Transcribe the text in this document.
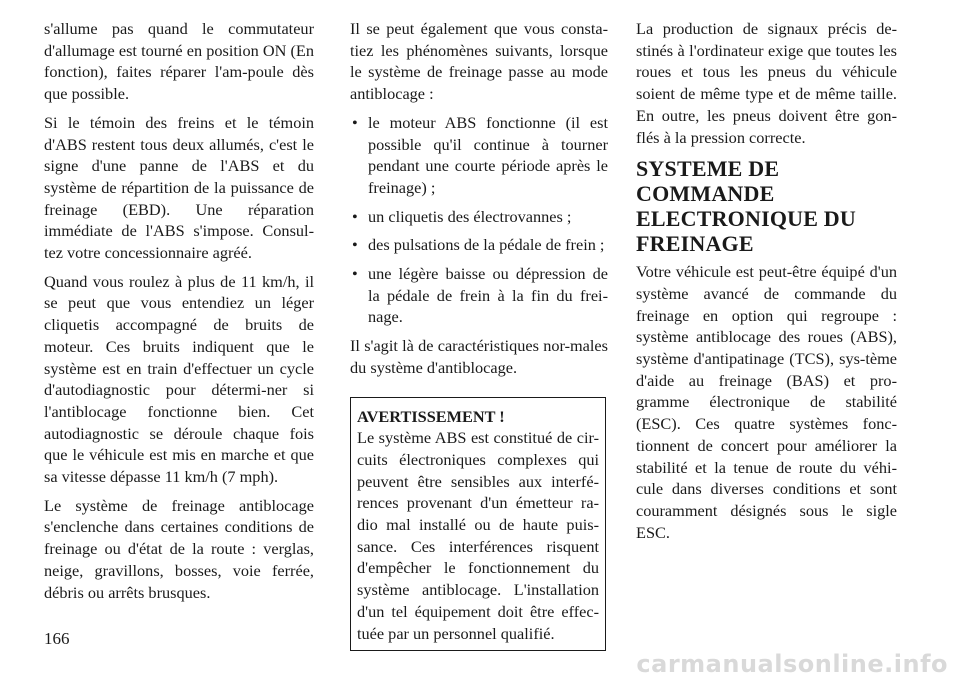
s'allume pas quand le commutateur d'allumage est tourné en position ON (En fonction), faites réparer l'am-poule dès que possible.

Si le témoin des freins et le témoin d'ABS restent tous deux allumés, c'est le signe d'une panne de l'ABS et du système de répartition de la puissance de freinage (EBD). Une réparation immédiate de l'ABS s'impose. Consul-tez votre concessionnaire agréé.

Quand vous roulez à plus de 11 km/h, il se peut que vous entendiez un léger cliquetis accompagné de bruits de moteur. Ces bruits indiquent que le système est en train d'effectuer un cycle d'autodiagnostic pour détermi-ner si l'antiblocage fonctionne bien. Cet autodiagnostic se déroule chaque fois que le véhicule est mis en marche et que sa vitesse dépasse 11 km/h (7 mph).

Le système de freinage antiblocage s'enclenche dans certaines conditions de freinage ou d'état de la route : verglas, neige, gravillons, bosses, voie ferrée, débris ou arrêts brusques.

Il se peut également que vous consta-tiez les phénomènes suivants, lorsque le système de freinage passe au mode antiblocage :

• le moteur ABS fonctionne (il est possible qu'il continue à tourner pendant une courte période après le freinage) ;
• un cliquetis des électrovannes ;
• des pulsations de la pédale de frein ;
• une légère baisse ou dépression de la pédale de frein à la fin du frei-nage.

Il s'agit là de caractéristiques nor-males du système d'antiblocage.

AVERTISSEMENT !

Le système ABS est constitué de cir-cuits électroniques complexes qui peuvent être sensibles aux interfé-rences provenant d'un émetteur ra-dio mal installé ou de haute puis-sance. Ces interférences risquent d'empêcher le fonctionnement du système antiblocage. L'installation d'un tel équipement doit être effec-tuée par un personnel qualifié.

La production de signaux précis de-stinés à l'ordinateur exige que toutes les roues et tous les pneus du véhicule soient de même type et de même taille. En outre, les pneus doivent être gon-flés à la pression correcte.

SYSTEME DE COMMANDE ELECTRONIQUE DU FREINAGE

Votre véhicule est peut-être équipé d'un système avancé de commande du freinage en option qui regroupe : système antiblocage des roues (ABS), système d'antipatinage (TCS), sys-tème d'aide au freinage (BAS) et pro-gramme électronique de stabilité (ESC). Ces quatre systèmes fonc-tionnent de concert pour améliorer la stabilité et la tenue de route du véhi-cule dans diverses conditions et sont couramment désignés sous le sigle ESC.

166
carmanualsonline.info
